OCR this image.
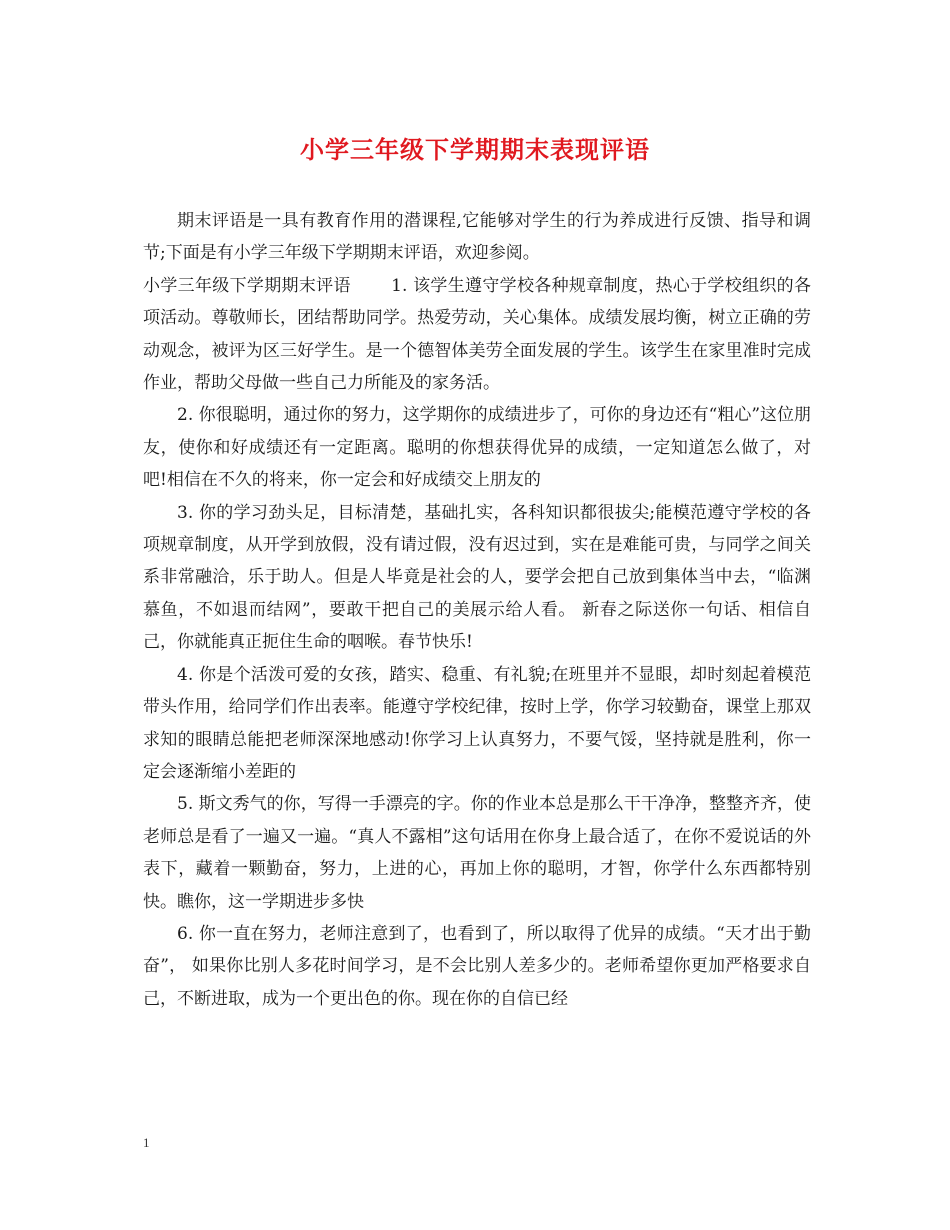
小学三年级下学期期末表现评语

期末评语是一具有教育作用的潜课程,它能够对学生的行为养成进行反馈、指导和调节;下面是有小学三年级下学期期末评语，欢迎参阅。

小学三年级下学期期末评语　　 1. 该学生遵守学校各种规章制度，热心于学校组织的各项活动。尊敬师长，团结帮助同学。热爱劳动，关心集体。成绩发展均衡，树立正确的劳动观念，被评为区三好学生。是一个德智体美劳全面发展的学生。该学生在家里准时完成作业，帮助父母做一些自己力所能及的家务活。

2. 你很聪明，通过你的努力，这学期你的成绩进步了，可你的身边还有“粗心”这位朋友，使你和好成绩还有一定距离。聪明的你想获得优异的成绩，一定知道怎么做了，对吧!相信在不久的将来，你一定会和好成绩交上朋友的

3. 你的学习劲头足，目标清楚，基础扎实，各科知识都很拔尖;能模范遵守学校的各项规章制度，从开学到放假，没有请过假，没有迟过到，实在是难能可贵，与同学之间关系非常融洽，乐于助人。但是人毕竟是社会的人，要学会把自己放到集体当中去，“临渊慕鱼，不如退而结网”，要敢干把自己的美展示给人看。 新春之际送你一句话、相信自己，你就能真正扼住生命的咽喉。春节快乐!

4. 你是个活泼可爱的女孩，踏实、稳重、有礼貌;在班里并不显眼，却时刻起着模范带头作用，给同学们作出表率。能遵守学校纪律，按时上学，你学习较勤奋，课堂上那双求知的眼睛总能把老师深深地感动!你学习上认真努力，不要气馁，坚持就是胜利，你一定会逐渐缩小差距的

5. 斯文秀气的你，写得一手漂亮的字。你的作业本总是那么干干净净，整整齐齐，使老师总是看了一遍又一遍。“真人不露相”这句话用在你身上最合适了，在你不爱说话的外表下，藏着一颗勤奋，努力，上进的心，再加上你的聪明，才智，你学什么东西都特别快。瞧你，这一学期进步多快

6. 你一直在努力，老师注意到了，也看到了，所以取得了优异的成绩。“天才出于勤奋”， 如果你比别人多花时间学习，是不会比别人差多少的。老师希望你更加严格要求自己，不断进取，成为一个更出色的你。现在你的自信已经

1
